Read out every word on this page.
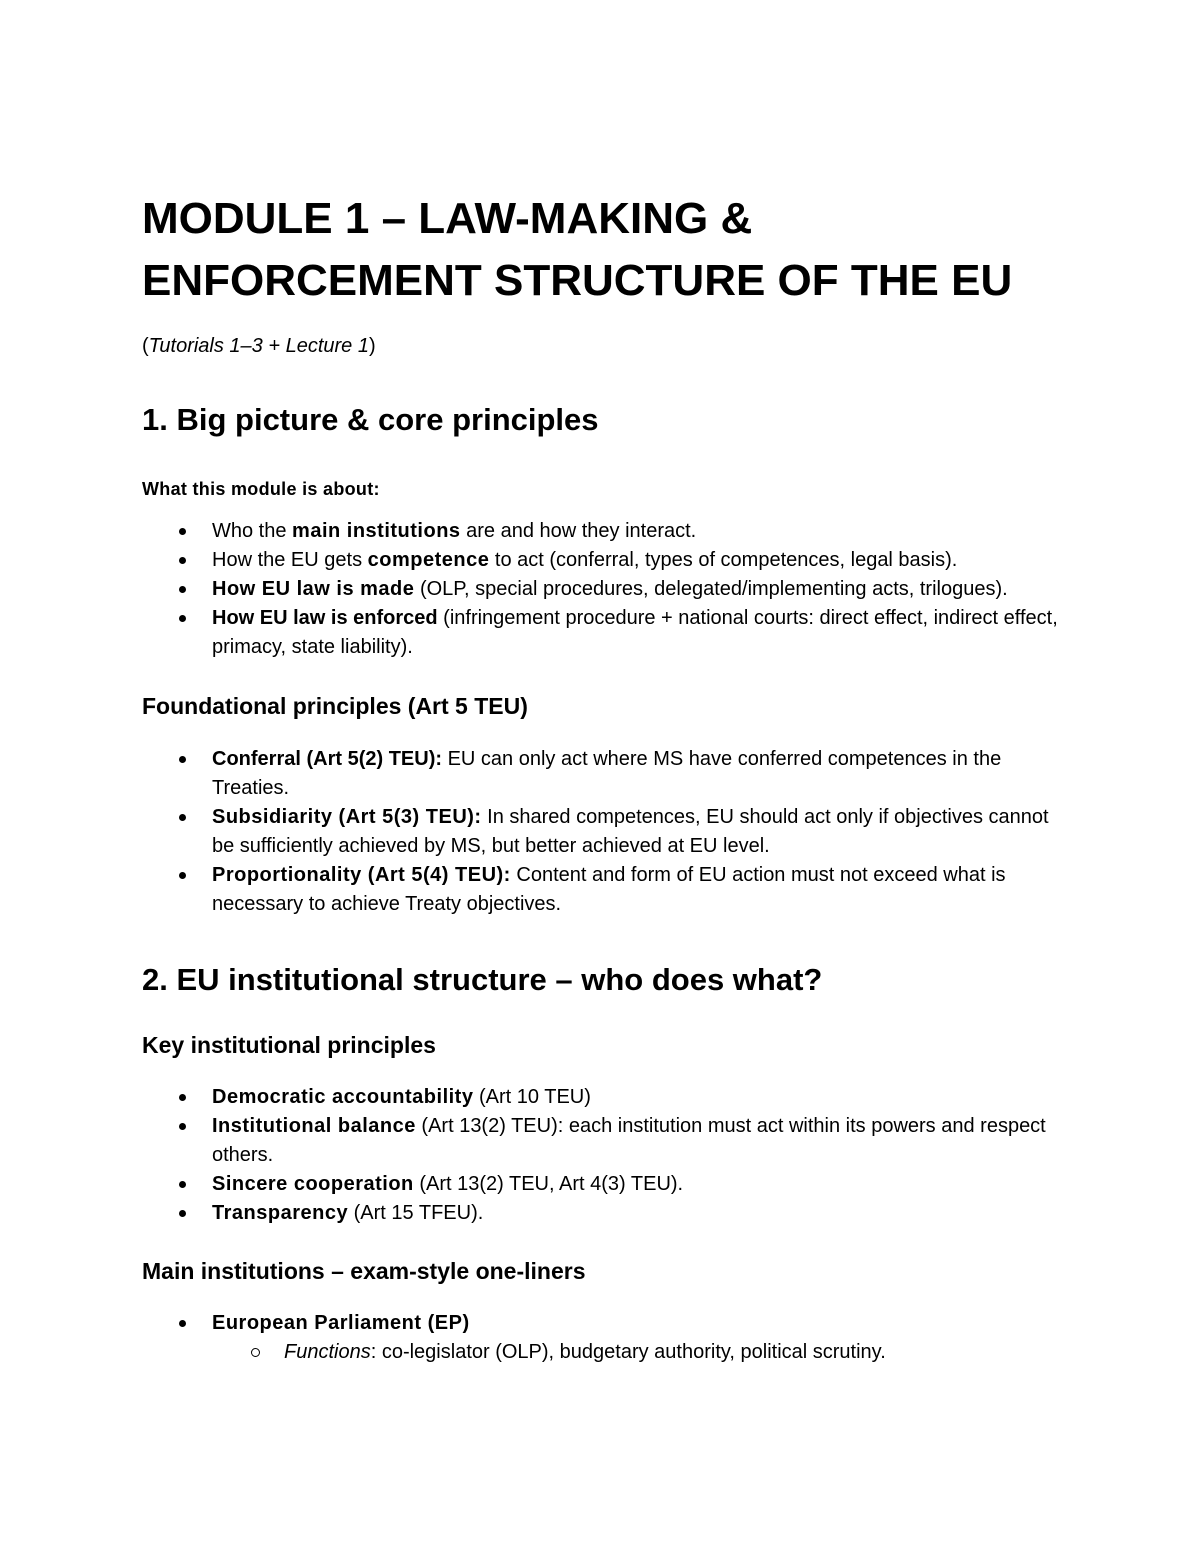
MODULE 1 – LAW-MAKING &
ENFORCEMENT STRUCTURE OF THE EU

(Tutorials 1–3 + Lecture 1)

1. Big picture & core principles

What this module is about:

Who the main institutions are and how they interact.
How the EU gets competence to act (conferral, types of competences, legal basis).
How EU law is made (OLP, special procedures, delegated/implementing acts, trilogues).
How EU law is enforced (infringement procedure + national courts: direct effect, indirect effect, primacy, state liability).
Foundational principles (Art 5 TEU)
Conferral (Art 5(2) TEU): EU can only act where MS have conferred competences in the Treaties.
Subsidiarity (Art 5(3) TEU): In shared competences, EU should act only if objectives cannot be sufficiently achieved by MS, but better achieved at EU level.
Proportionality (Art 5(4) TEU): Content and form of EU action must not exceed what is necessary to achieve Treaty objectives.
2. EU institutional structure – who does what?
Key institutional principles
Democratic accountability (Art 10 TEU)
Institutional balance (Art 13(2) TEU): each institution must act within its powers and respect others.
Sincere cooperation (Art 13(2) TEU, Art 4(3) TEU).
Transparency (Art 15 TFEU).
Main institutions – exam-style one-liners
European Parliament (EP)
Functions: co-legislator (OLP), budgetary authority, political scrutiny.
